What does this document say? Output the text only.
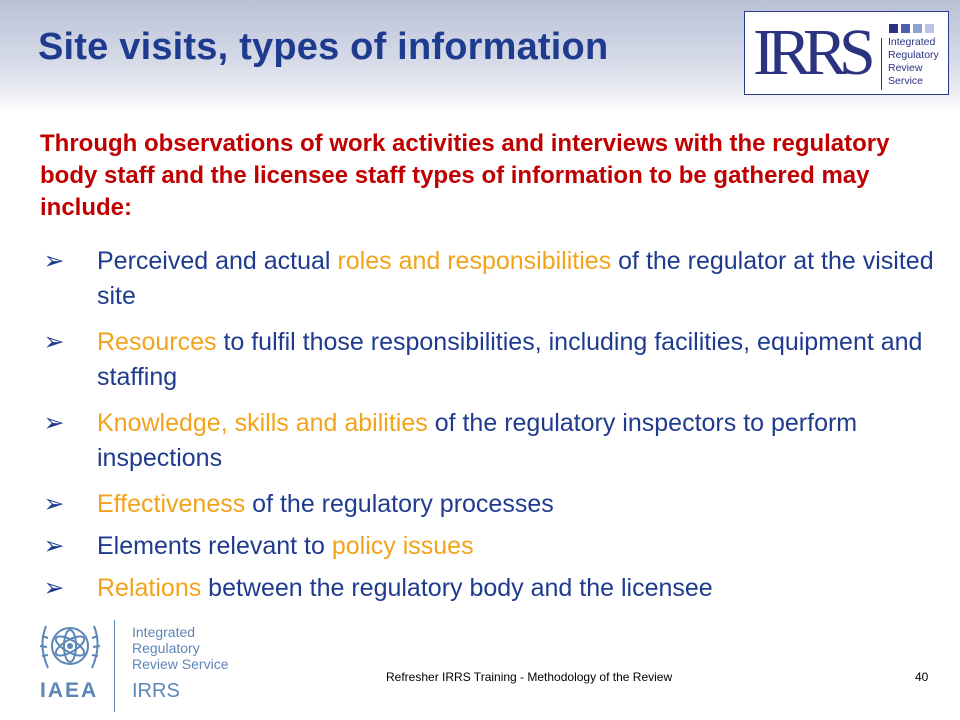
Site visits, types of information IRRS Integrated
Regulatory
Review
Service

Through observations of work activities and interviews with the regulatory body staff and the licensee staff types of information to be gathered may include:

➢ Perceived and actual roles and responsibilities of the regulator at the visited site
➢ Resources to fulfil those responsibilities, including facilities, equipment and staffing
➢ Knowledge, skills and abilities of the regulatory inspectors to perform inspections
➢ Effectiveness of the regulatory processes
➢ Elements relevant to policy issues
➢ Relations between the regulatory body and the licensee
IAEA
Integrated
Regulatory
Review Service
IRRS
Refresher IRRS Training - Methodology of the Review	40
